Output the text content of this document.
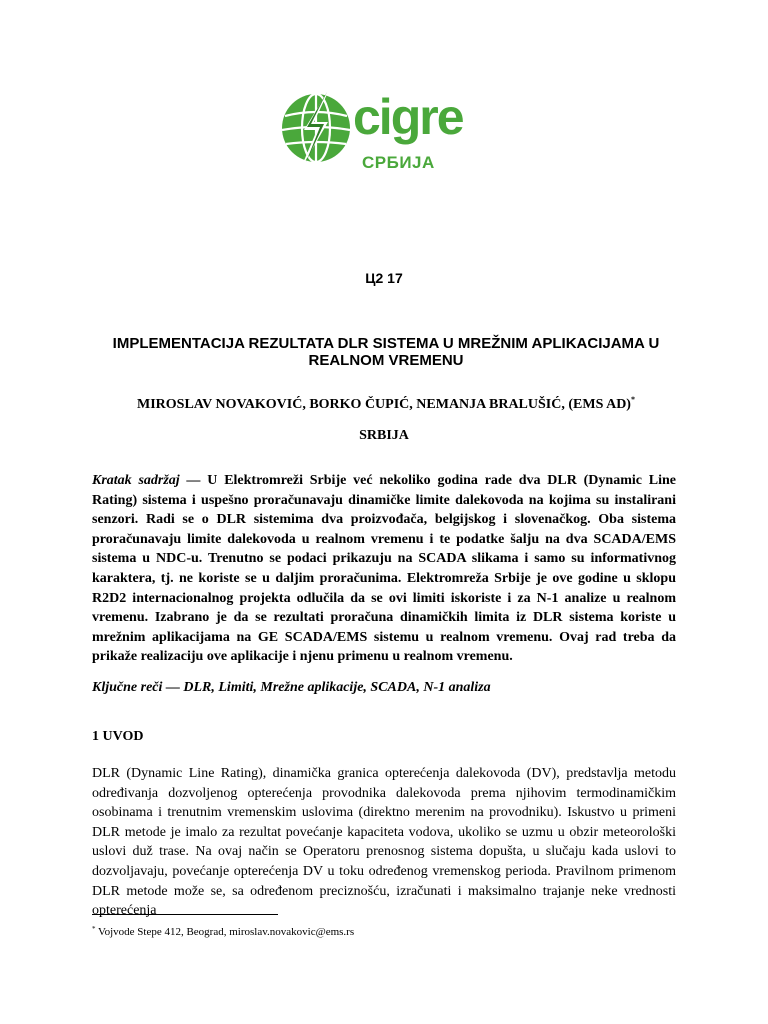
cigre
СРБИЈА
Ц2 17
IMPLEMENTACIJA REZULTATA DLR SISTEMA U MREŽNIM APLIKACIJAMA U REALNOM VREMENU
MIROSLAV NOVAKOVIĆ, BORKO ČUPIĆ, NEMANJA BRALUŠIĆ, (EMS AD)*
SRBIJA
Kratak sadržaj — U Elektromreži Srbije već nekoliko godina rade dva DLR (Dynamic Line Rating) sistema i uspešno proračunavaju dinamičke limite dalekovoda na kojima su instalirani senzori. Radi se o DLR sistemima dva proizvođača, belgijskog i slovenačkog. Oba sistema proračunavaju limite dalekovoda u realnom vremenu i te podatke šalju na dva SCADA/EMS sistema u NDC-u. Trenutno se podaci prikazuju na SCADA slikama i samo su informativnog karaktera, tj. ne koriste se u daljim proračunima. Elektromreža Srbije je ove godine u sklopu R2D2 internacionalnog projekta odlučila da se ovi limiti iskoriste i za N-1 analize u realnom vremenu. Izabrano je da se rezultati proračuna dinamičkih limita iz DLR sistema koriste u mrežnim aplikacijama na GE SCADA/EMS sistemu u realnom vremenu. Ovaj rad treba da prikaže realizaciju ove aplikacije i njenu primenu u realnom vremenu.
Ključne reči — DLR, Limiti, Mrežne aplikacije, SCADA, N-1 analiza
1 UVOD
DLR (Dynamic Line Rating), dinamička granica opterećenja dalekovoda (DV), predstavlja metodu određivanja dozvoljenog opterećenja provodnika dalekovoda prema njihovim termodinamičkim osobinama i trenutnim vremenskim uslovima (direktno merenim na provodniku). Iskustvo u primeni DLR metode je imalo za rezultat povećanje kapaciteta vodova, ukoliko se uzmu u obzir meteorološki uslovi duž trase. Na ovaj način se Operatoru prenosnog sistema dopušta, u slučaju kada uslovi to dozvoljavaju, povećanje opterećenja DV u toku određenog vremenskog perioda. Pravilnom primenom DLR metode može se, sa određenom preciznošću, izračunati i maksimalno trajanje neke vrednosti opterećenja
* Vojvode Stepe 412, Beograd, miroslav.novakovic@ems.rs
